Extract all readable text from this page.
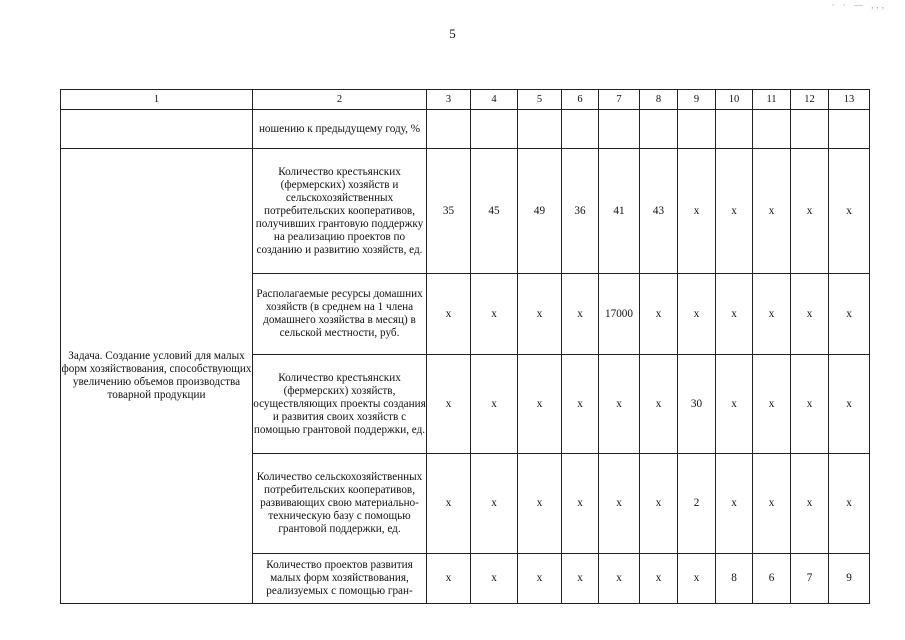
5
· · — ,,,
1	2	3	4	5	6	7	8	9	10	11	12	13
	ношению к предыдущему году, %											
Задача. Создание условий для малых форм хозяйствования, способствующих увеличению объемов производства товарной продукции	Количество крестьянских (фермерских) хозяйств и сельскохозяйственных потребительских кооперативов, получивших грантовую поддержку на реализацию проектов по созданию и развитию хозяйств, ед.	35	45	49	36	41	43	х	х	х	х	х
	Располагаемые ресурсы домашних хозяйств (в среднем на 1 члена домашнего хозяйства в месяц) в сельской местности, руб.	х	х	х	х	17000	х	х	х	х	х	х
	Количество крестьянских (фермерских) хозяйств, осуществляющих проекты создания и развития своих хозяйств с помощью грантовой поддержки, ед.	х	х	х	х	х	х	30	х	х	х	х
	Количество сельскохозяйственных потребительских кооперативов, развивающих свою материально-техническую базу с помощью грантовой поддержки, ед.	х	х	х	х	х	х	2	х	х	х	х
	Количество проектов развития малых форм хозяйствования, реализуемых с помощью гран-	х	х	х	х	х	х	х	8	6	7	9
